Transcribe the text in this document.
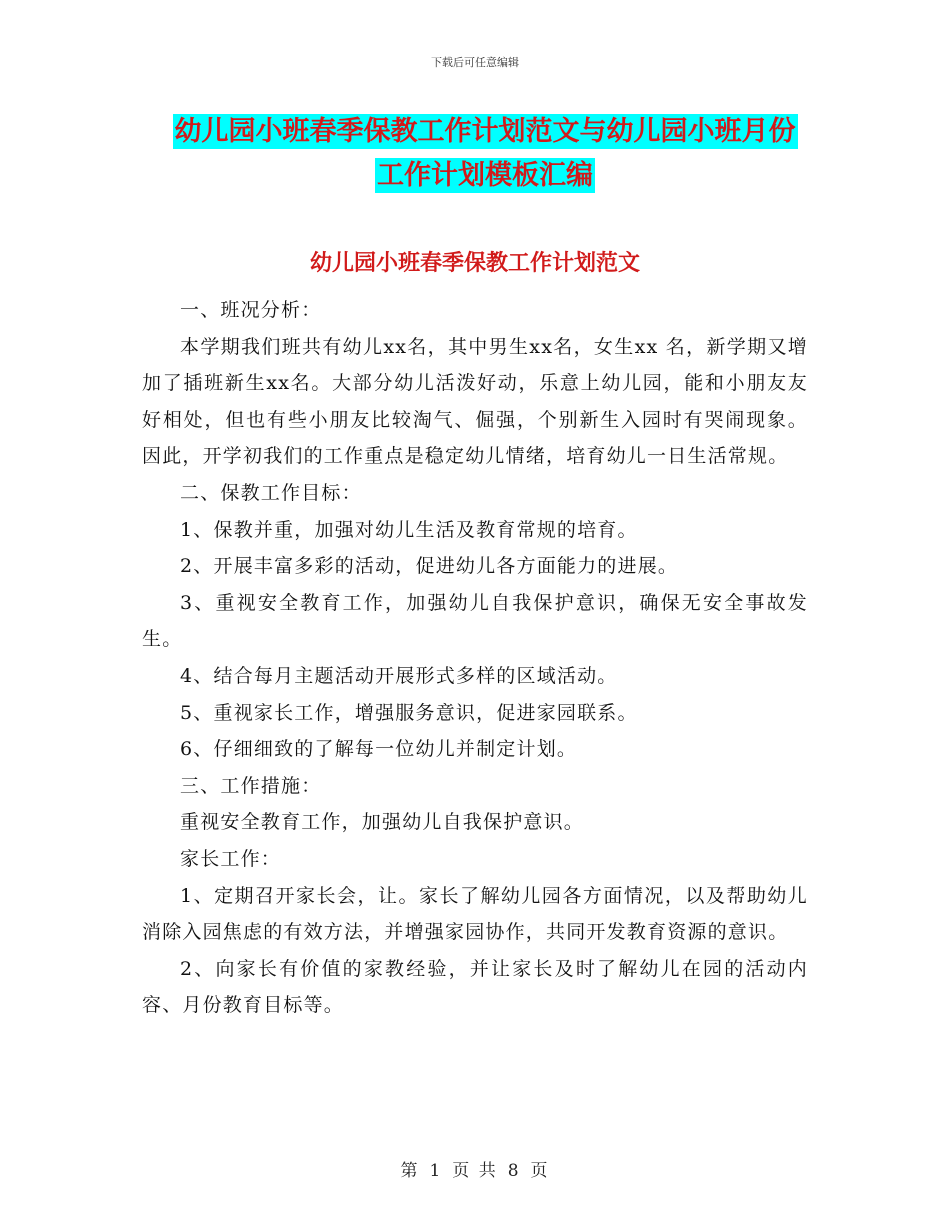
下载后可任意编辑
幼儿园小班春季保教工作计划范文与幼儿园小班月份
工作计划模板汇编
幼儿园小班春季保教工作计划范文

一、班况分析：

本学期我们班共有幼儿xx名，其中男生xx名，女生xx 名，新学期又增加了插班新生xx名。大部分幼儿活泼好动，乐意上幼儿园，能和小朋友友好相处，但也有些小朋友比较淘气、倔强，个别新生入园时有哭闹现象。因此，开学初我们的工作重点是稳定幼儿情绪，培育幼儿一日生活常规。

二、保教工作目标：

1、保教并重，加强对幼儿生活及教育常规的培育。

2、开展丰富多彩的活动，促进幼儿各方面能力的进展。

3、重视安全教育工作，加强幼儿自我保护意识，确保无安全事故发生。

4、结合每月主题活动开展形式多样的区域活动。

5、重视家长工作，增强服务意识，促进家园联系。

6、仔细细致的了解每一位幼儿并制定计划。

三、工作措施：

重视安全教育工作，加强幼儿自我保护意识。

家长工作：

1、定期召开家长会，让。家长了解幼儿园各方面情况，以及帮助幼儿消除入园焦虑的有效方法，并增强家园协作，共同开发教育资源的意识。

2、向家长有价值的家教经验，并让家长及时了解幼儿在园的活动内容、月份教育目标等。

第 1 页 共 8 页
